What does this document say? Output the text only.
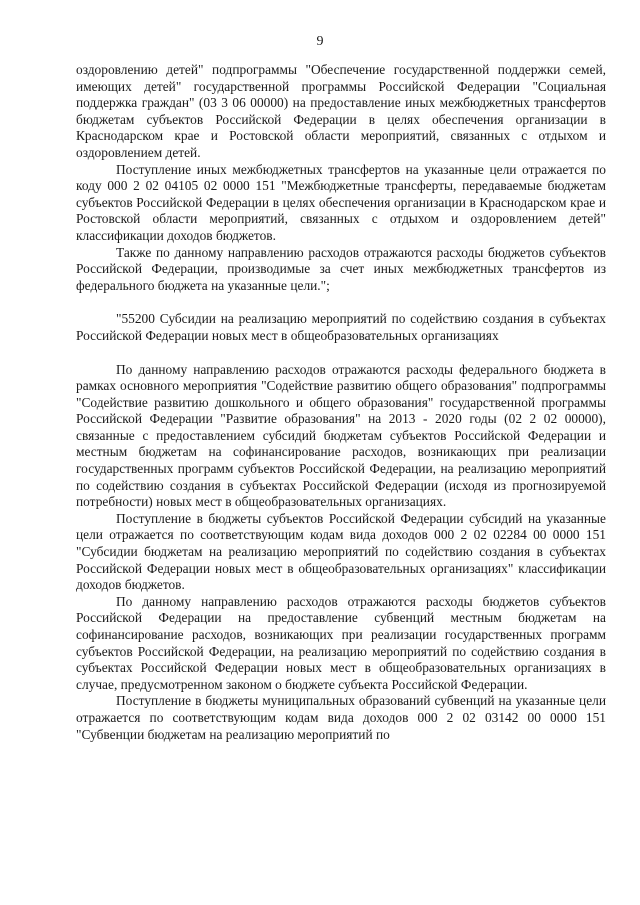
9

оздоровлению детей" подпрограммы "Обеспечение государственной поддержки семей, имеющих детей" государственной программы Российской Федерации "Социальная поддержка граждан" (03 3 06 00000) на предоставление иных межбюджетных трансфертов бюджетам субъектов Российской Федерации в целях обеспечения организации в Краснодарском крае и Ростовской области мероприятий, связанных с отдыхом и оздоровлением детей.

Поступление иных межбюджетных трансфертов на указанные цели отражается по коду 000 2 02 04105 02 0000 151 "Межбюджетные трансферты, передаваемые бюджетам субъектов Российской Федерации в целях обеспечения организации в Краснодарском крае и Ростовской области мероприятий, связанных с отдыхом и оздоровлением детей" классификации доходов бюджетов.

Также по данному направлению расходов отражаются расходы бюджетов субъектов Российской Федерации, производимые за счет иных межбюджетных трансфертов из федерального бюджета на указанные цели.";

"55200 Субсидии на реализацию мероприятий по содействию создания в субъектах Российской Федерации новых мест в общеобразовательных организациях

По данному направлению расходов отражаются расходы федерального бюджета в рамках основного мероприятия "Содействие развитию общего образования" подпрограммы "Содействие развитию дошкольного и общего образования" государственной программы Российской Федерации "Развитие образования" на 2013 - 2020 годы (02 2 02 00000), связанные с предоставлением субсидий бюджетам субъектов Российской Федерации и местным бюджетам на софинансирование расходов, возникающих при реализации государственных программ субъектов Российской Федерации, на реализацию мероприятий по содействию создания в субъектах Российской Федерации (исходя из прогнозируемой потребности) новых мест в общеобразовательных организациях.

Поступление в бюджеты субъектов Российской Федерации субсидий на указанные цели отражается по соответствующим кодам вида доходов 000 2 02 02284 00 0000 151 "Субсидии бюджетам на реализацию мероприятий по содействию создания в субъектах Российской Федерации новых мест в общеобразовательных организациях" классификации доходов бюджетов.

По данному направлению расходов отражаются расходы бюджетов субъектов Российской Федерации на предоставление субвенций местным бюджетам на софинансирование расходов, возникающих при реализации государственных программ субъектов Российской Федерации, на реализацию мероприятий по содействию создания в субъектах Российской Федерации новых мест в общеобразовательных организациях в случае, предусмотренном законом о бюджете субъекта Российской Федерации.

Поступление в бюджеты муниципальных образований субвенций на указанные цели отражается по соответствующим кодам вида доходов 000 2 02 03142 00 0000 151 "Субвенции бюджетам на реализацию мероприятий по
